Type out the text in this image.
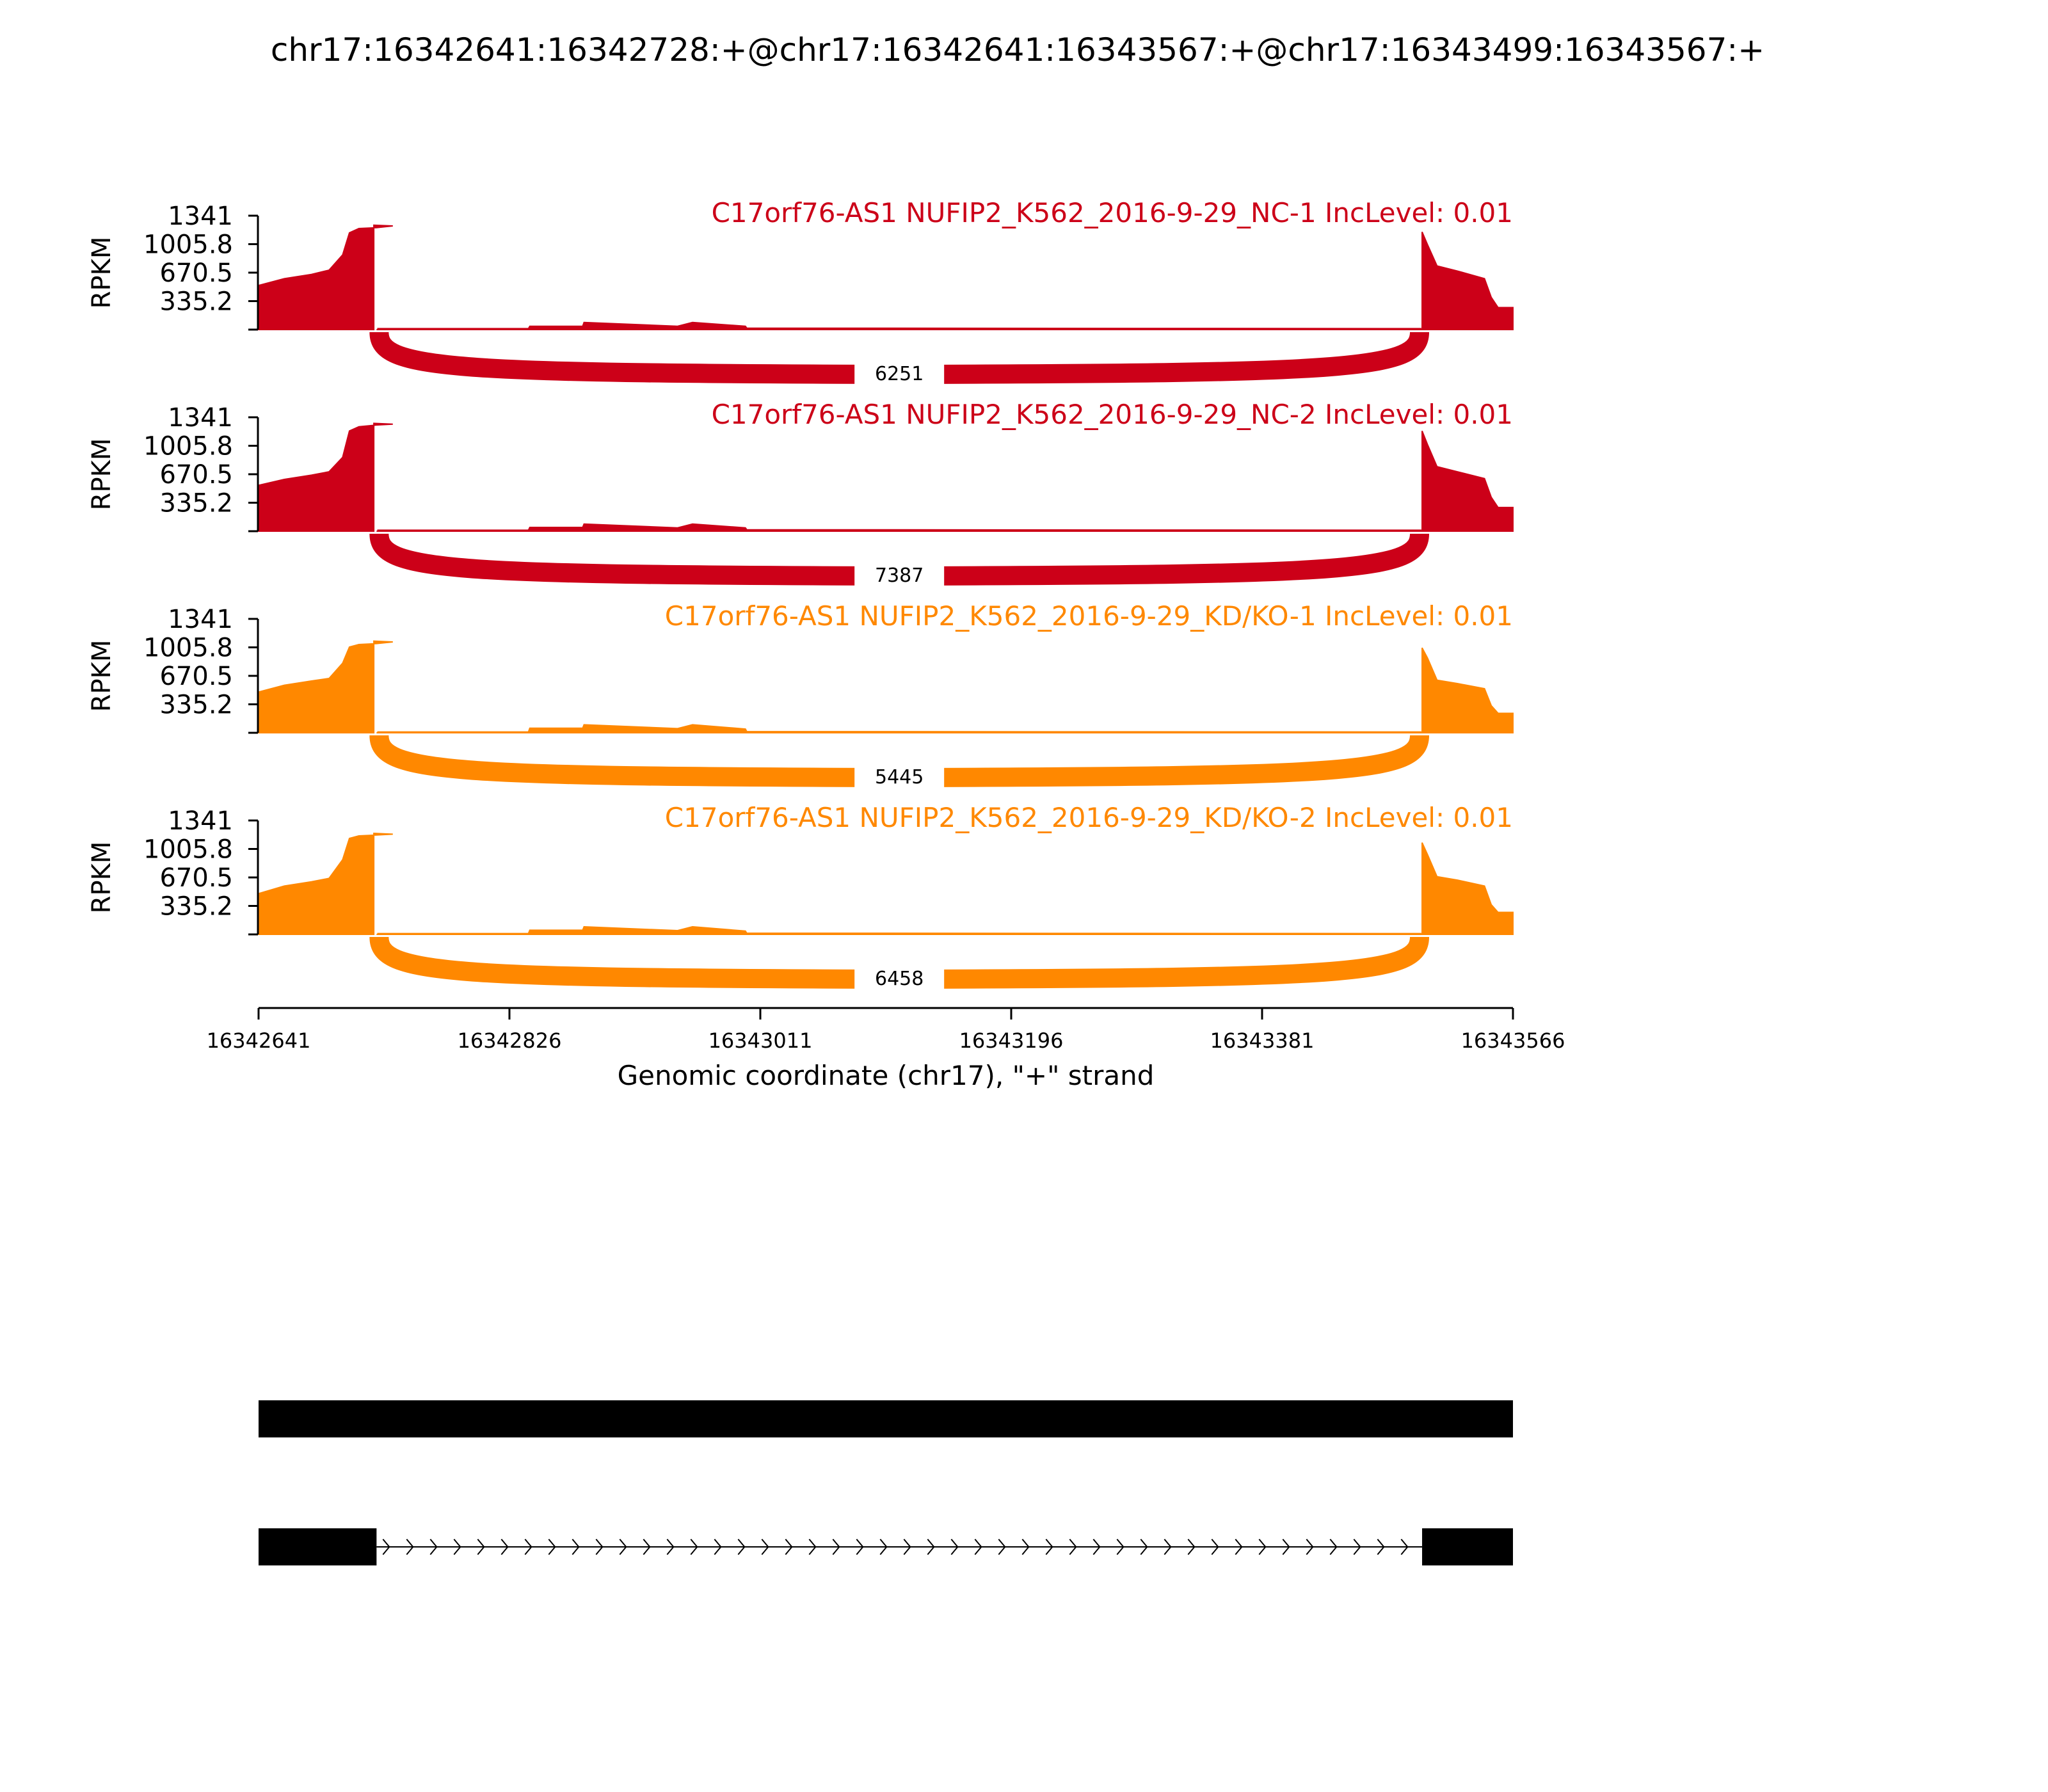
chr17:16342641:16342728:+@chr17:16342641:16343567:+@chr17:16343499:16343567:+
6251
1341
1005.8
670.5
335.2
RPKM
C17orf76-AS1 NUFIP2_K562_2016-9-29_NC-1 IncLevel: 0.01
7387
1341
1005.8
670.5
335.2
RPKM
C17orf76-AS1 NUFIP2_K562_2016-9-29_NC-2 IncLevel: 0.01
5445
1341
1005.8
670.5
335.2
RPKM
C17orf76-AS1 NUFIP2_K562_2016-9-29_KD/KO-1 IncLevel: 0.01
6458
1341
1005.8
670.5
335.2
RPKM
C17orf76-AS1 NUFIP2_K562_2016-9-29_KD/KO-2 IncLevel: 0.01
16342641	16342826	16343011	16343196	16343381	16343566
Genomic coordinate (chr17), "+" strand
